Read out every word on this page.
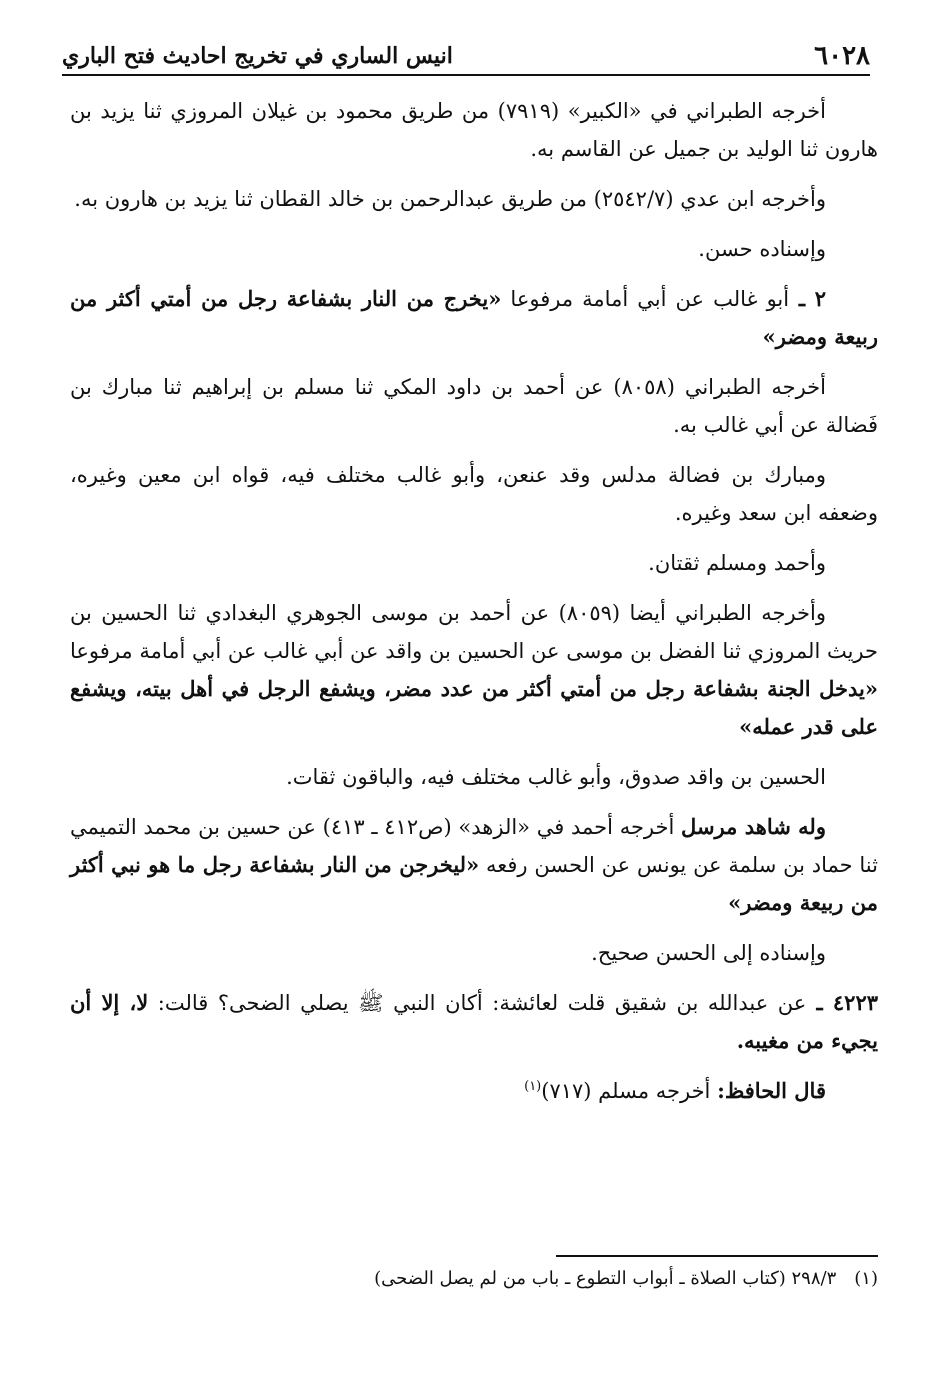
٦٠٢٨
انيس الساري في تخريج احاديث فتح الباري

أخرجه الطبراني في «الكبير» (٧٩١٩) من طريق محمود بن غيلان المروزي ثنا يزيد بن هارون ثنا الوليد بن جميل عن القاسم به.

وأخرجه ابن عدي (٢٥٤٢/٧) من طريق عبدالرحمن بن خالد القطان ثنا يزيد بن هارون به.

وإسناده حسن.

٢ ـ أبو غالب عن أبي أمامة مرفوعا «يخرج من النار بشفاعة رجل من أمتي أكثر من ربيعة ومضر»

أخرجه الطبراني (٨٠٥٨) عن أحمد بن داود المكي ثنا مسلم بن إبراهيم ثنا مبارك بن فَضالة عن أبي غالب به.

ومبارك بن فضالة مدلس وقد عنعن، وأبو غالب مختلف فيه، قواه ابن معين وغيره، وضعفه ابن سعد وغيره.

وأحمد ومسلم ثقتان.

وأخرجه الطبراني أيضا (٨٠٥٩) عن أحمد بن موسى الجوهري البغدادي ثنا الحسين بن حريث المروزي ثنا الفضل بن موسى عن الحسين بن واقد عن أبي غالب عن أبي أمامة مرفوعا «يدخل الجنة بشفاعة رجل من أمتي أكثر من عدد مضر، ويشفع الرجل في أهل بيته، ويشفع على قدر عمله»

الحسين بن واقد صدوق، وأبو غالب مختلف فيه، والباقون ثقات.

وله شاهد مرسل أخرجه أحمد في «الزهد» (ص٤١٢ ـ ٤١٣) عن حسين بن محمد التميمي ثنا حماد بن سلمة عن يونس عن الحسن رفعه «ليخرجن من النار بشفاعة رجل ما هو نبي أكثر من ربيعة ومضر»

وإسناده إلى الحسن صحيح.

٤٢٢٣ ـ عن عبدالله بن شقيق قلت لعائشة: أكان النبي ﷺ يصلي الضحى؟ قالت: لا، إلا أن يجيء من مغيبه.

قال الحافظ: أخرجه مسلم (٧١٧)$^{(١)}$

(١)٢٩٨/٣ (كتاب الصلاة ـ أبواب التطوع ـ باب من لم يصل الضحى)
